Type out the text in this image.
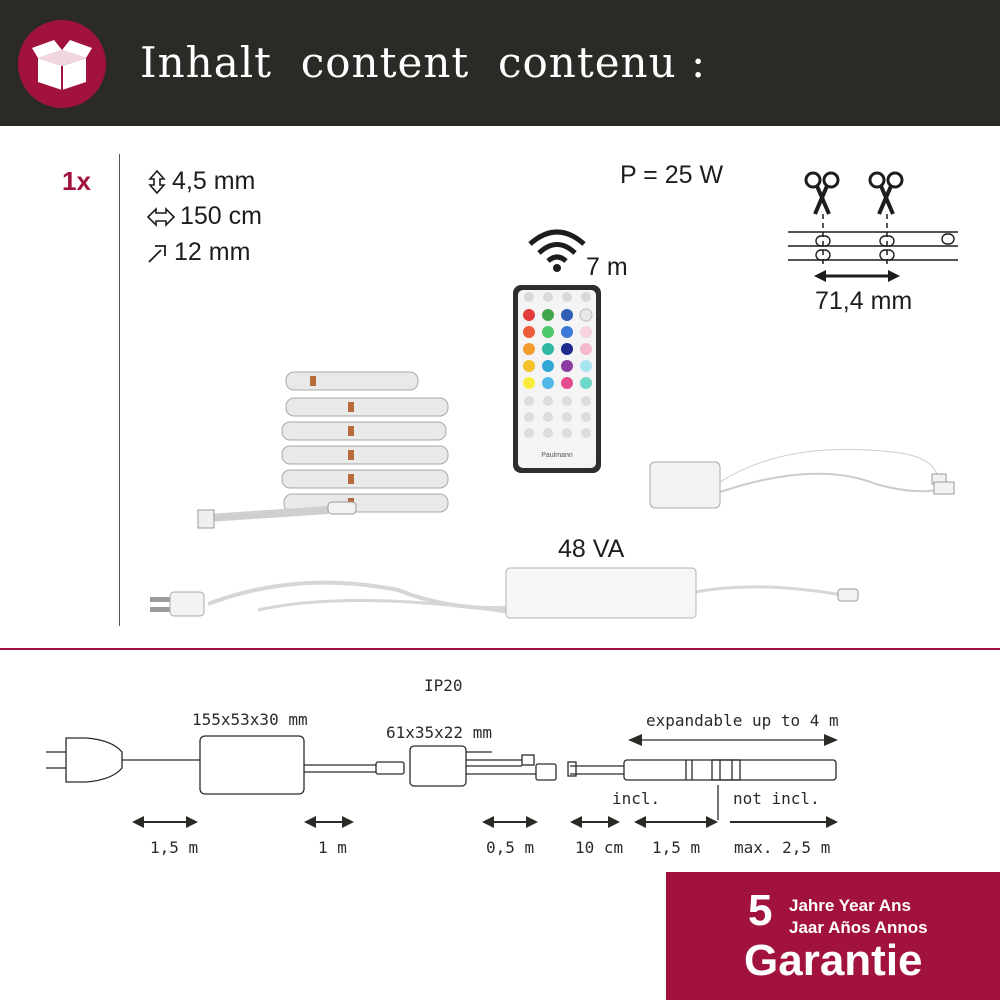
Inhalt  content  contenu :
1x	4,5 mm
150 cm
12 mm
P = 25 W
7 m
71,4 mm
Paulmann
48 VA
IP20
155x53x30 mm
61x35x22 mm
expandable up to 4 m
incl.	not incl.
1,5 m	1 m	0,5 m	10 cm 1,5 m max. 2,5 m
5 Jahre Year Ans
Jaar Años Annos
Garantie
